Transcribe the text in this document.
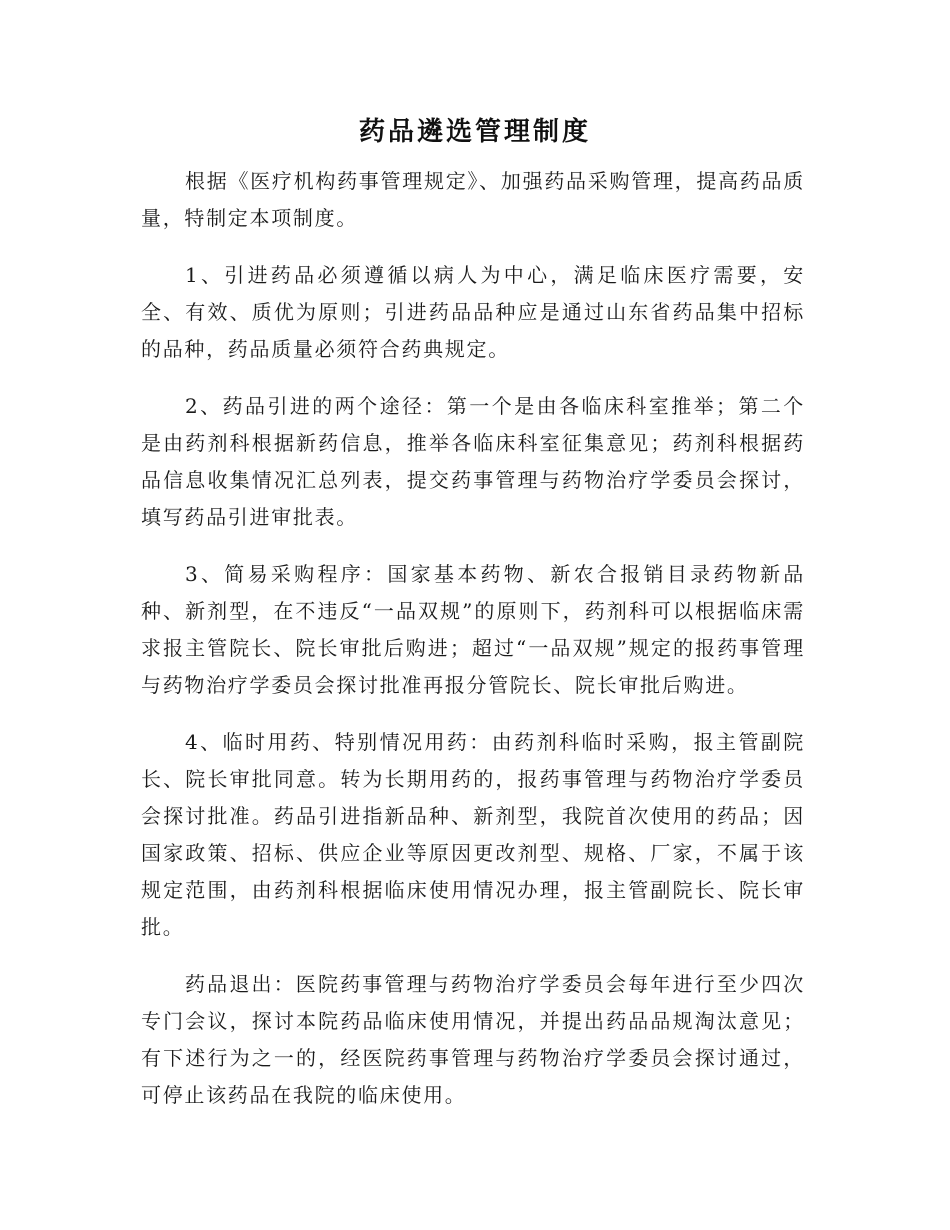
药品遴选管理制度

根据《医疗机构药事管理规定》、加强药品采购管理，提高药品质量，特制定本项制度。

1、引进药品必须遵循以病人为中心，满足临床医疗需要，安全、有效、质优为原则；引进药品品种应是通过山东省药品集中招标的品种，药品质量必须符合药典规定。

2、药品引进的两个途径：第一个是由各临床科室推举；第二个是由药剂科根据新药信息，推举各临床科室征集意见；药剂科根据药品信息收集情况汇总列表，提交药事管理与药物治疗学委员会探讨，填写药品引进审批表。

3、简易采购程序：国家基本药物、新农合报销目录药物新品种、新剂型，在不违反“一品双规”的原则下，药剂科可以根据临床需求报主管院长、院长审批后购进；超过“一品双规”规定的报药事管理与药物治疗学委员会探讨批准再报分管院长、院长审批后购进。

4、临时用药、特别情况用药：由药剂科临时采购，报主管副院长、院长审批同意。转为长期用药的，报药事管理与药物治疗学委员会探讨批准。药品引进指新品种、新剂型，我院首次使用的药品；因国家政策、招标、供应企业等原因更改剂型、规格、厂家，不属于该规定范围，由药剂科根据临床使用情况办理，报主管副院长、院长审批。

药品退出：医院药事管理与药物治疗学委员会每年进行至少四次专门会议，探讨本院药品临床使用情况，并提出药品品规淘汰意见；有下述行为之一的，经医院药事管理与药物治疗学委员会探讨通过，可停止该药品在我院的临床使用。
